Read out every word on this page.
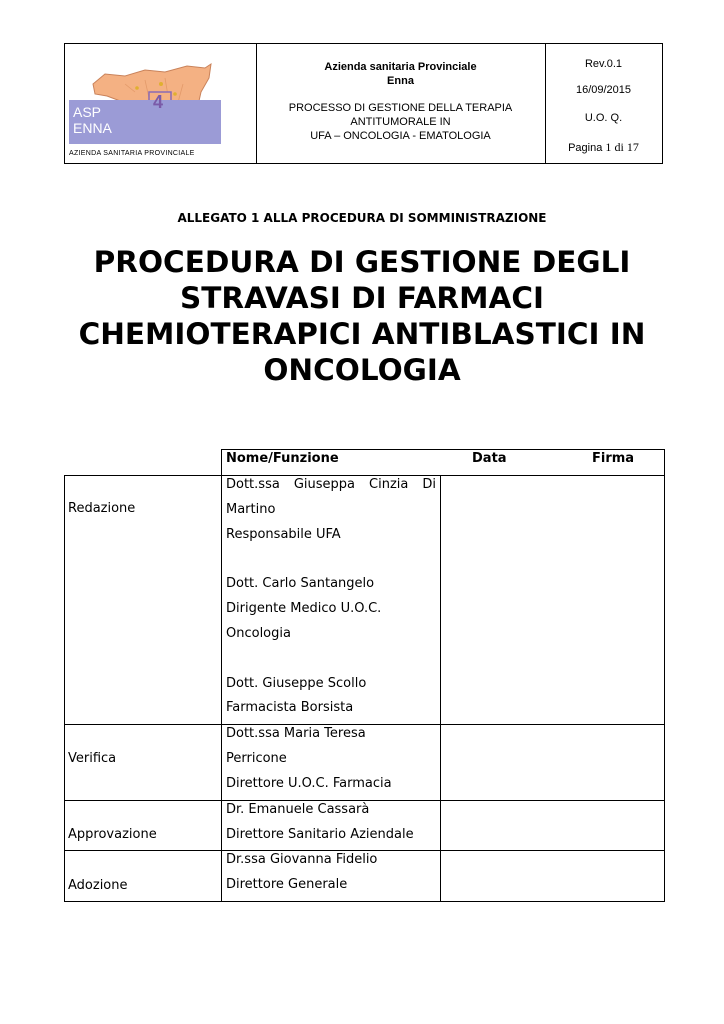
4
ASP
ENNA
AZIENDA SANITARIA PROVINCIALE
Azienda sanitaria Provinciale
Enna
PROCESSO DI GESTIONE DELLA TERAPIA
ANTITUMORALE IN
UFA – ONCOLOGIA - EMATOLOGIA
Rev.0.1
16/09/2015
U.O. Q.
Pagina 1 di 17
ALLEGATO 1 ALLA PROCEDURA DI SOMMINISTRAZIONE
PROCEDURA DI GESTIONE DEGLI
STRAVASI DI FARMACI
CHEMIOTERAPICI ANTIBLASTICI IN
ONCOLOGIA
Nome/Funzione	Data	Firma
Redazione
Dott.ssa Giuseppa Cinzia Di
Martino
Responsabile UFA
Dott. Carlo Santangelo
Dirigente Medico U.O.C.
Oncologia
Dott. Giuseppe Scollo
Farmacista Borsista
Verifica
Dott.ssa Maria Teresa
Perricone
Direttore U.O.C. Farmacia
Approvazione
Dr. Emanuele Cassarà
Direttore Sanitario Aziendale
Adozione
Dr.ssa Giovanna Fidelio
Direttore Generale
